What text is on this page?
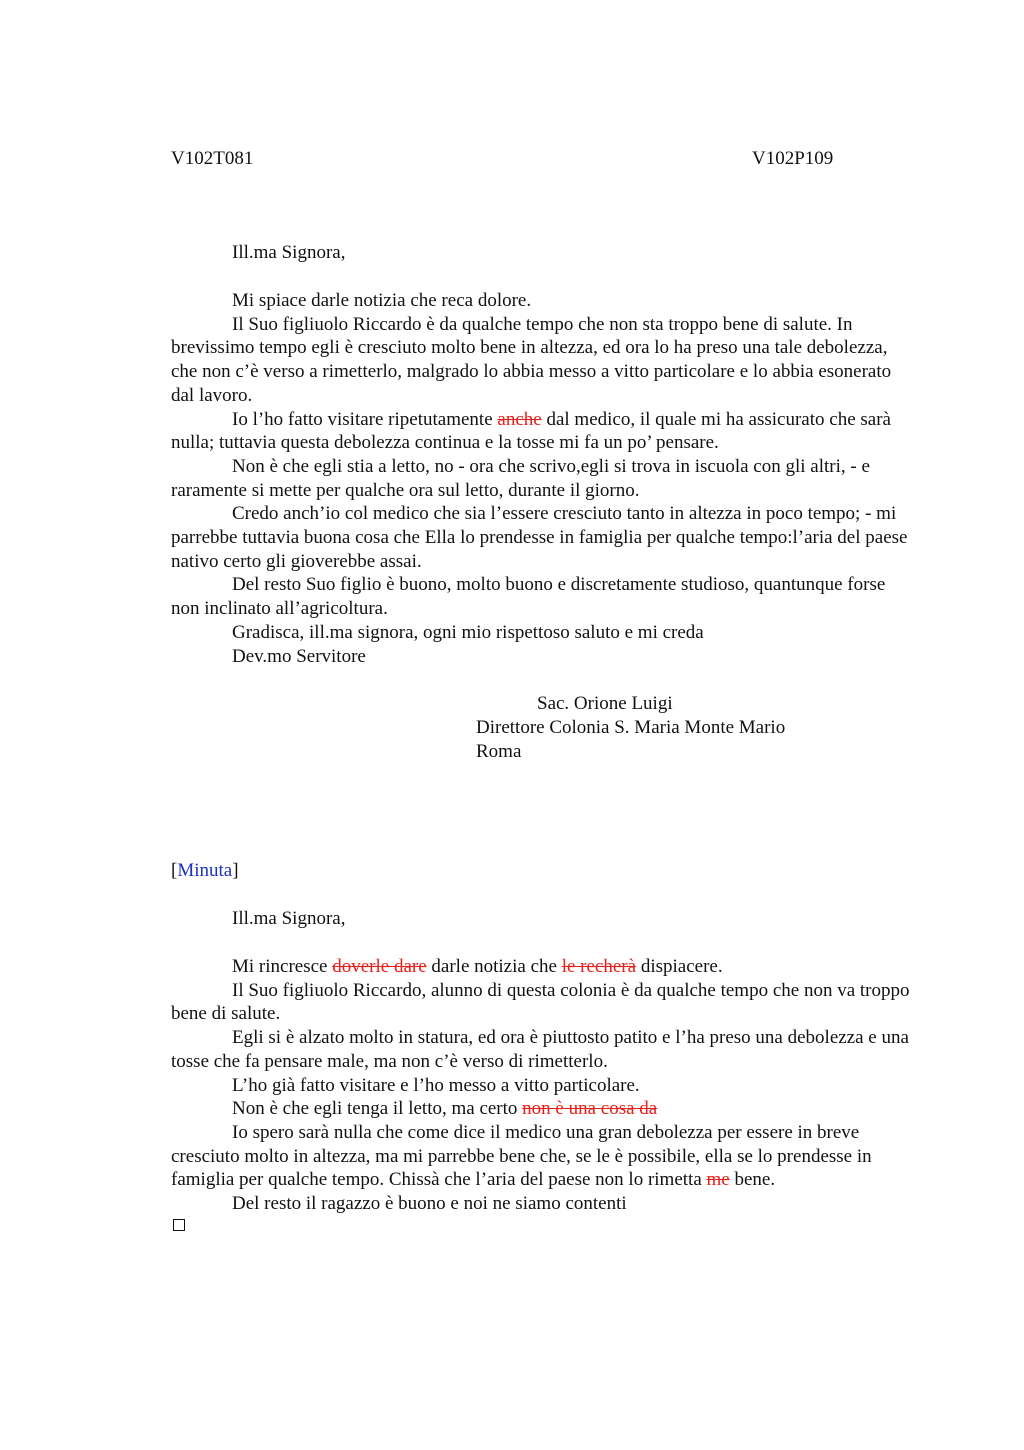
V102T081	V102P109

Ill.ma Signora,

Mi spiace darle notizia che reca dolore.

Il Suo figliuolo Riccardo è da qualche tempo che non sta troppo bene di salute. In brevissimo tempo egli è cresciuto molto bene in altezza, ed ora lo ha preso una tale debolezza, che non c’è verso a rimetterlo, malgrado lo abbia messo a vitto particolare e lo abbia esonerato dal lavoro.

Io l’ho fatto visitare ripetutamente anche dal medico, il quale mi ha assicurato che sarà nulla; tuttavia questa debolezza continua e la tosse mi fa un po’ pensare.

Non è che egli stia a letto, no - ora che scrivo,egli si trova in iscuola con gli altri, - e raramente si mette per qualche ora sul letto, durante il giorno.

Credo anch’io col medico che sia l’essere cresciuto tanto in altezza in poco tempo; - mi parrebbe tuttavia buona cosa che Ella lo prendesse in famiglia per qualche tempo:l’aria del paese nativo certo gli gioverebbe assai.

Del resto Suo figlio è buono, molto buono e discretamente studioso, quantunque forse non inclinato all’agricoltura.

Gradisca, ill.ma signora, ogni mio rispettoso saluto e mi creda

Dev.mo Servitore

Sac. Orione Luigi
Direttore Colonia S. Maria Monte Mario
Roma
[Minuta]

Ill.ma Signora,

Mi rincresce doverle dare darle notizia che le recherà dispiacere.

Il Suo figliuolo Riccardo, alunno di questa colonia è da qualche tempo che non va troppo bene di salute.

Egli si è alzato molto in statura, ed ora è piuttosto patito e l’ha preso una debolezza e una tosse che fa pensare male, ma non c’è verso di rimetterlo.

L’ho già fatto visitare e l’ho messo a vitto particolare.

Non è che egli tenga il letto, ma certo non è una cosa da

Io spero sarà nulla che come dice il medico una gran debolezza per essere in breve cresciuto molto in altezza, ma mi parrebbe bene che, se le è possibile, ella se lo prendesse in famiglia per qualche tempo. Chissà che l’aria del paese non lo rimetta me bene.

Del resto il ragazzo è buono e noi ne siamo contenti
